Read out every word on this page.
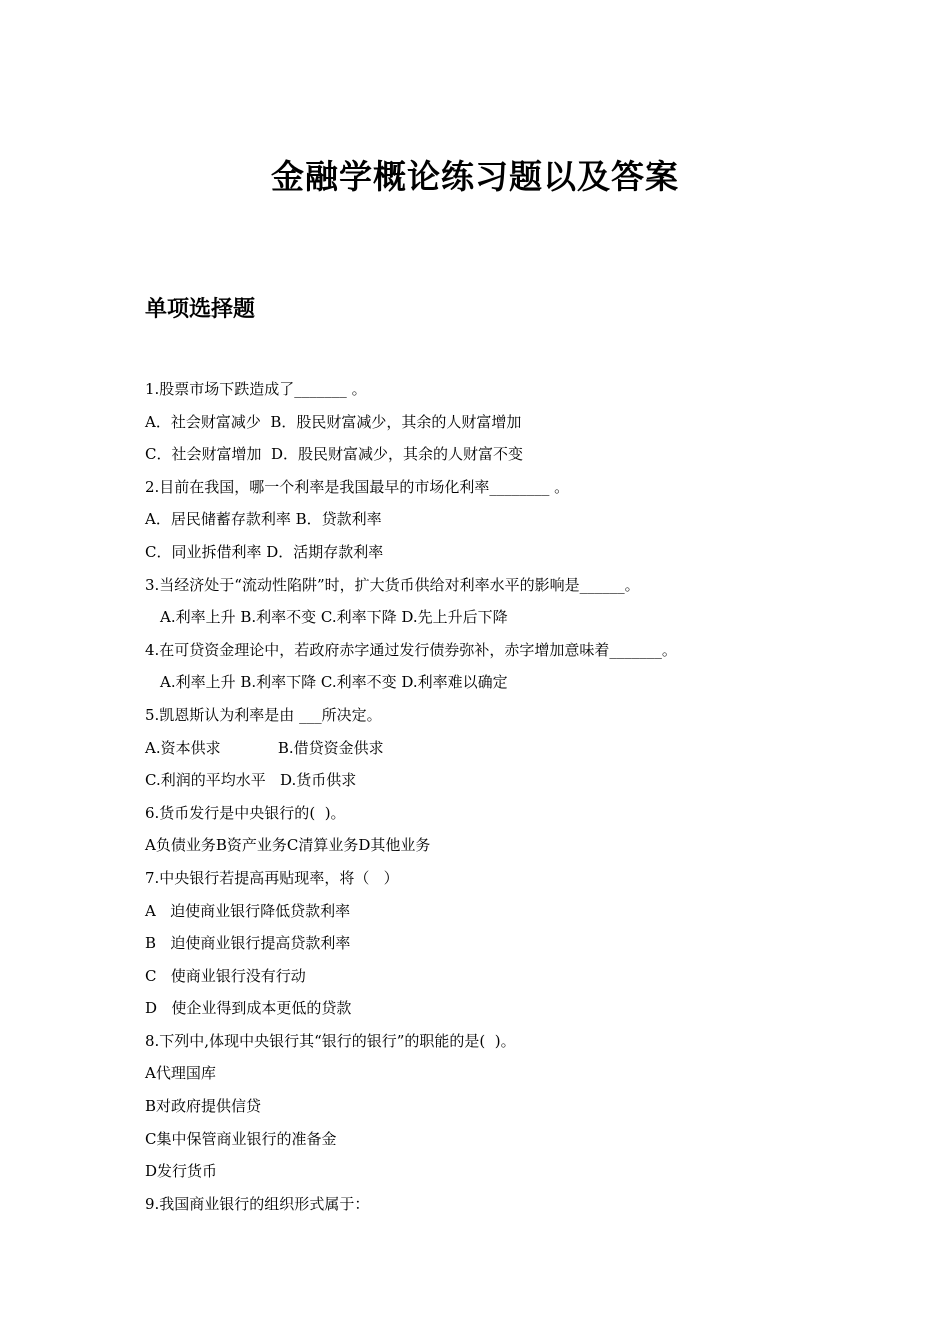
金融学概论练习题以及答案
单项选择题
1.股票市场下跌造成了_______ 。
A．社会财富减少  B．股民财富减少，其余的人财富增加
C．社会财富增加  D．股民财富减少，其余的人财富不变
2.目前在我国，哪一个利率是我国最早的市场化利率________ 。
A．居民储蓄存款利率 B．贷款利率
C．同业拆借利率 D．活期存款利率
3.当经济处于“流动性陷阱”时，扩大货币供给对利率水平的影响是______。
A.利率上升 B.利率不变 C.利率下降 D.先上升后下降
4.在可贷资金理论中，若政府赤字通过发行债券弥补，赤字增加意味着_______。
A.利率上升 B.利率下降 C.利率不变 D.利率难以确定
5.凯恩斯认为利率是由 ___所决定。
A.资本供求            B.借贷资金供求
C.利润的平均水平   D.货币供求
6.货币发行是中央银行的(  )。
A负债业务B资产业务C清算业务D其他业务
7.中央银行若提高再贴现率，将（   ）
A   迫使商业银行降低贷款利率
B   迫使商业银行提高贷款利率
C   使商业银行没有行动
D   使企业得到成本更低的贷款
8.下列中,体现中央银行其“银行的银行”的职能的是(  )。
A代理国库
B对政府提供信贷
C集中保管商业银行的准备金
D发行货币
9.我国商业银行的组织形式属于：
